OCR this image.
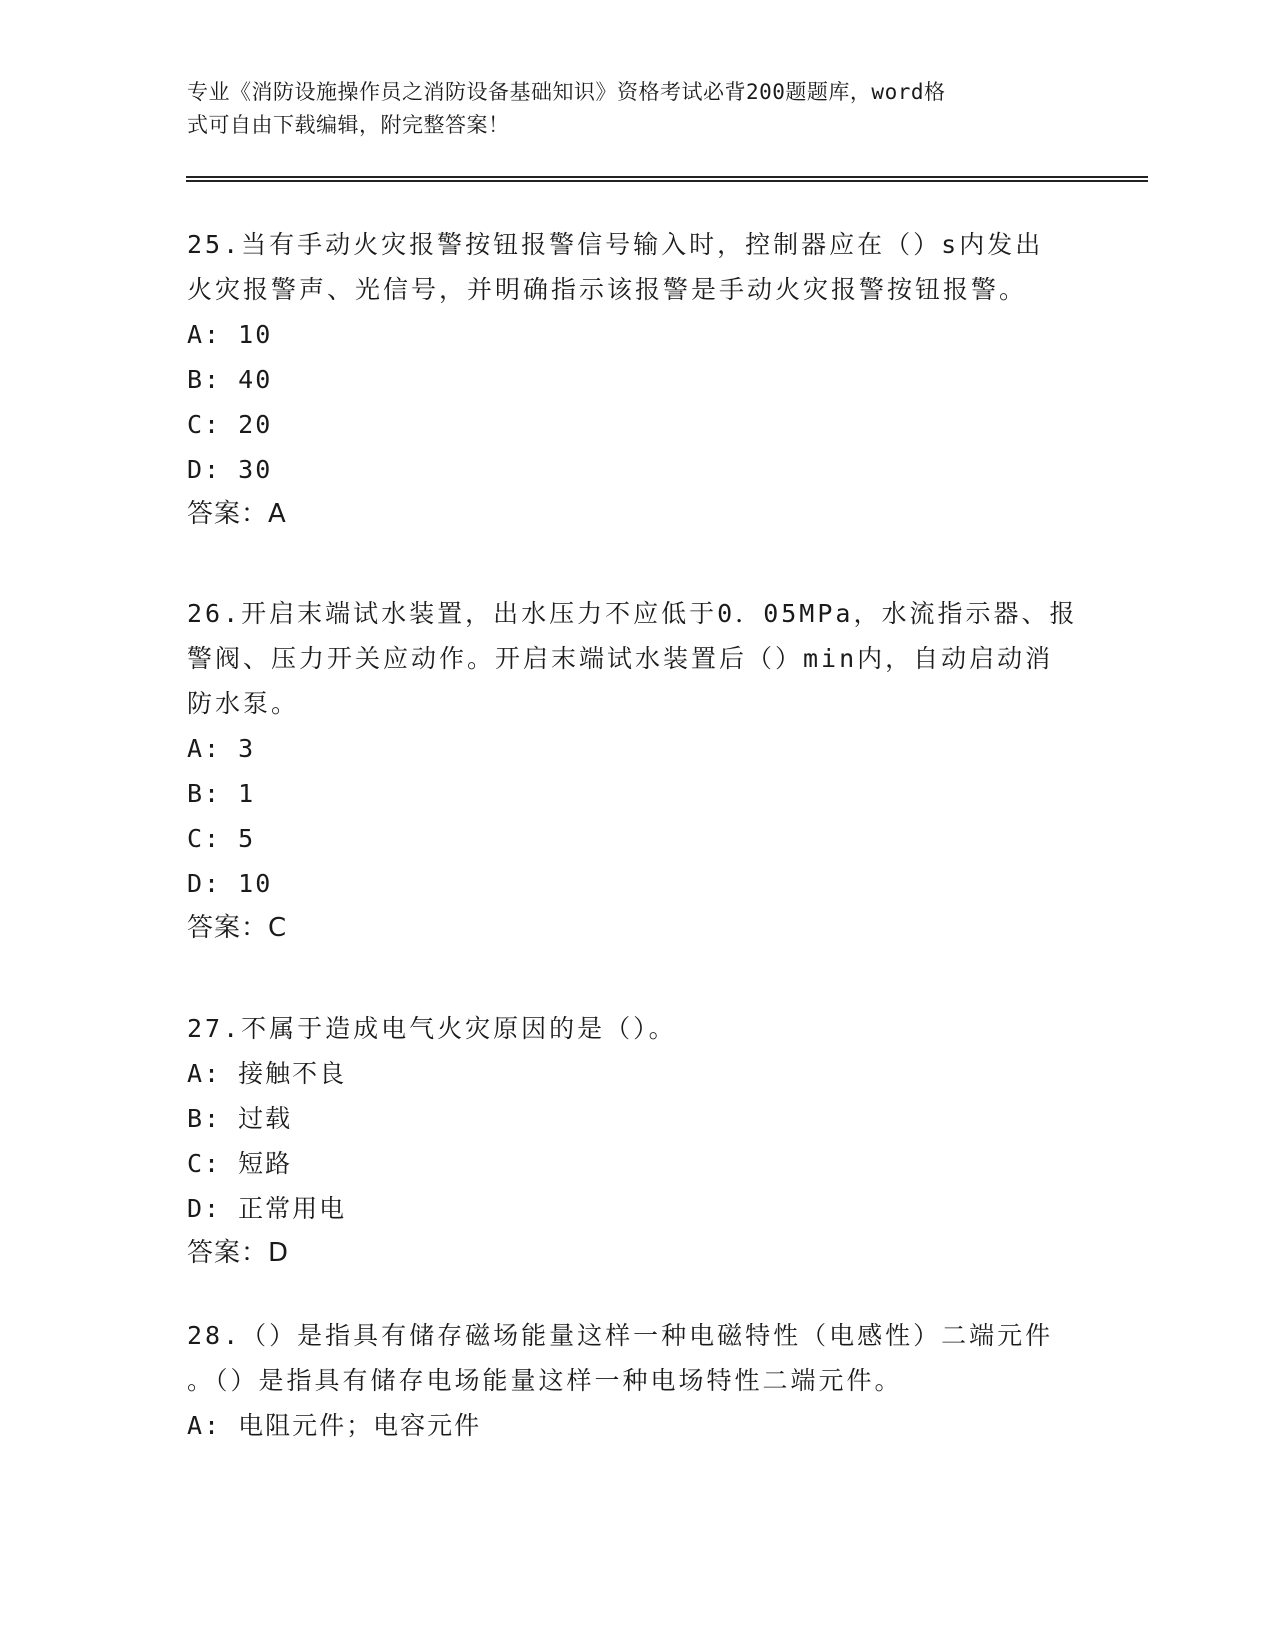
专业《消防设施操作员之消防设备基础知识》资格考试必背200题题库，word格
式可自由下载编辑，附完整答案！
25.当有手动火灾报警按钮报警信号输入时，控制器应在（）s内发出
火灾报警声、光信号，并明确指示该报警是手动火灾报警按钮报警。
A: 10
B: 40
C: 20
D: 30
答案：A
26.开启末端试水装置，出水压力不应低于0．05MPa，水流指示器、报
警阀、压力开关应动作。开启末端试水装置后（）min内，自动启动消
防水泵。
A: 3
B: 1
C: 5
D: 10
答案：C
27.不属于造成电气火灾原因的是（）。
A: 接触不良
B: 过载
C: 短路
D: 正常用电
答案：D
28.（）是指具有储存磁场能量这样一种电磁特性（电感性）二端元件
。（）是指具有储存电场能量这样一种电场特性二端元件。
A: 电阻元件；电容元件
